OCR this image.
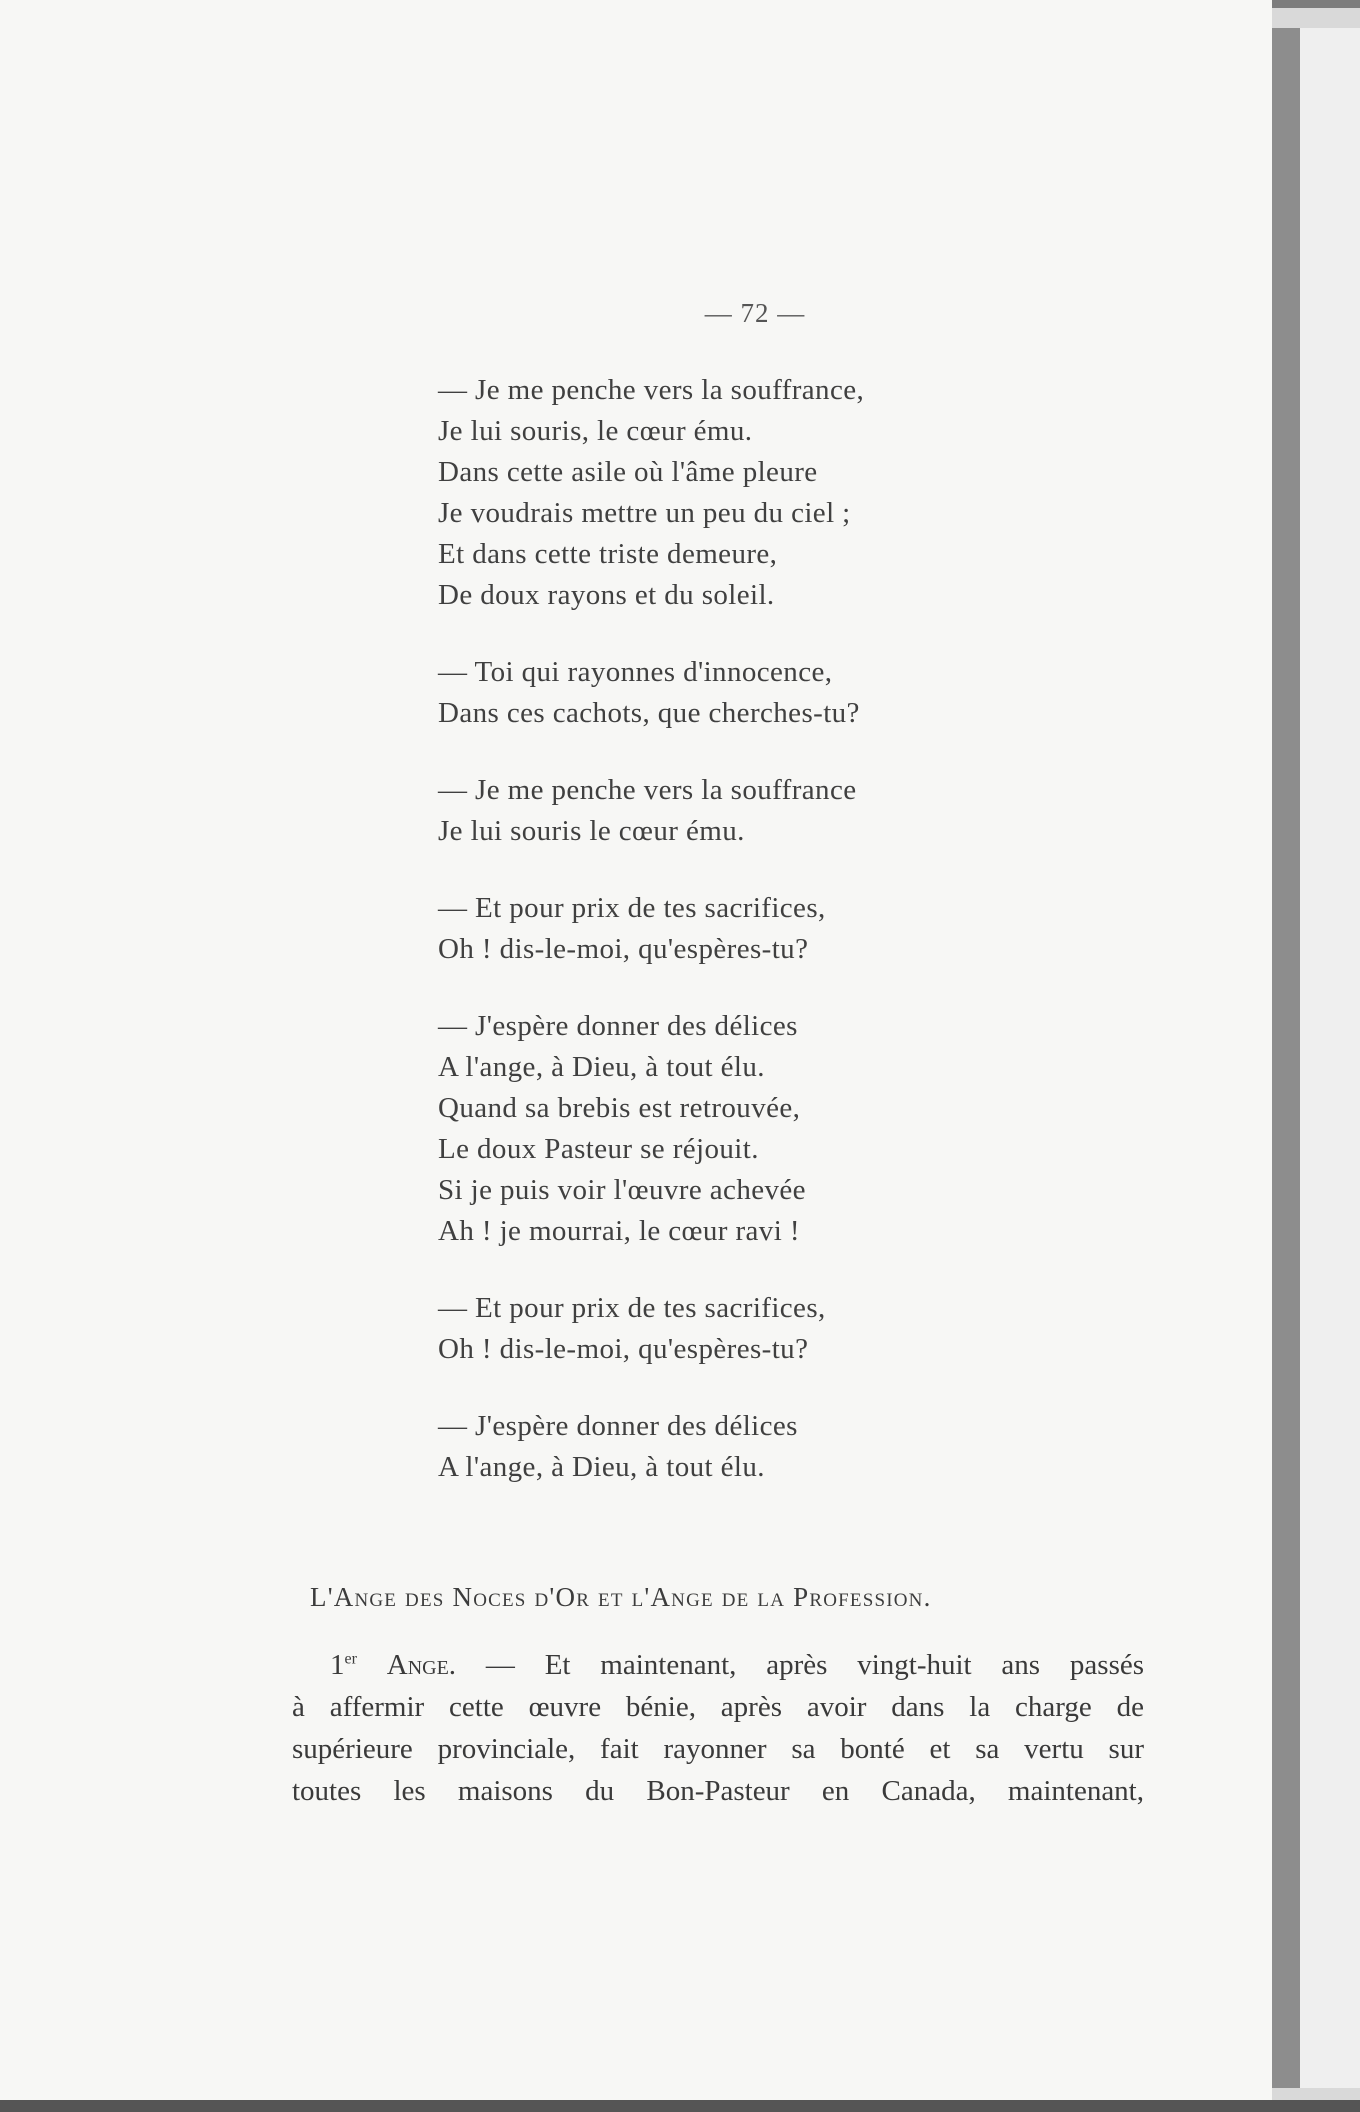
— 72 —
— Je me penche vers la souffrance,
Je lui souris, le cœur ému.
Dans cette asile où l'âme pleure
Je voudrais mettre un peu du ciel ;
Et dans cette triste demeure,
De doux rayons et du soleil.
— Toi qui rayonnes d'innocence,
Dans ces cachots, que cherches-tu?
— Je me penche vers la souffrance
Je lui souris le cœur ému.
— Et pour prix de tes sacrifices,
Oh ! dis-le-moi, qu'espères-tu?
— J'espère donner des délices
A l'ange, à Dieu, à tout élu.
Quand sa brebis est retrouvée,
Le doux Pasteur se réjouit.
Si je puis voir l'œuvre achevée
Ah ! je mourrai, le cœur ravi !
— Et pour prix de tes sacrifices,
Oh ! dis-le-moi, qu'espères-tu?
— J'espère donner des délices
A l'ange, à Dieu, à tout élu.
L'Ange des Noces d'Or et l'Ange de la Profession.
1er Ange. — Et maintenant, après vingt-huit ans passés
à affermir cette œuvre bénie, après avoir dans la charge de
supérieure provinciale, fait rayonner sa bonté et sa vertu sur
toutes les maisons du Bon-Pasteur en Canada, maintenant,
